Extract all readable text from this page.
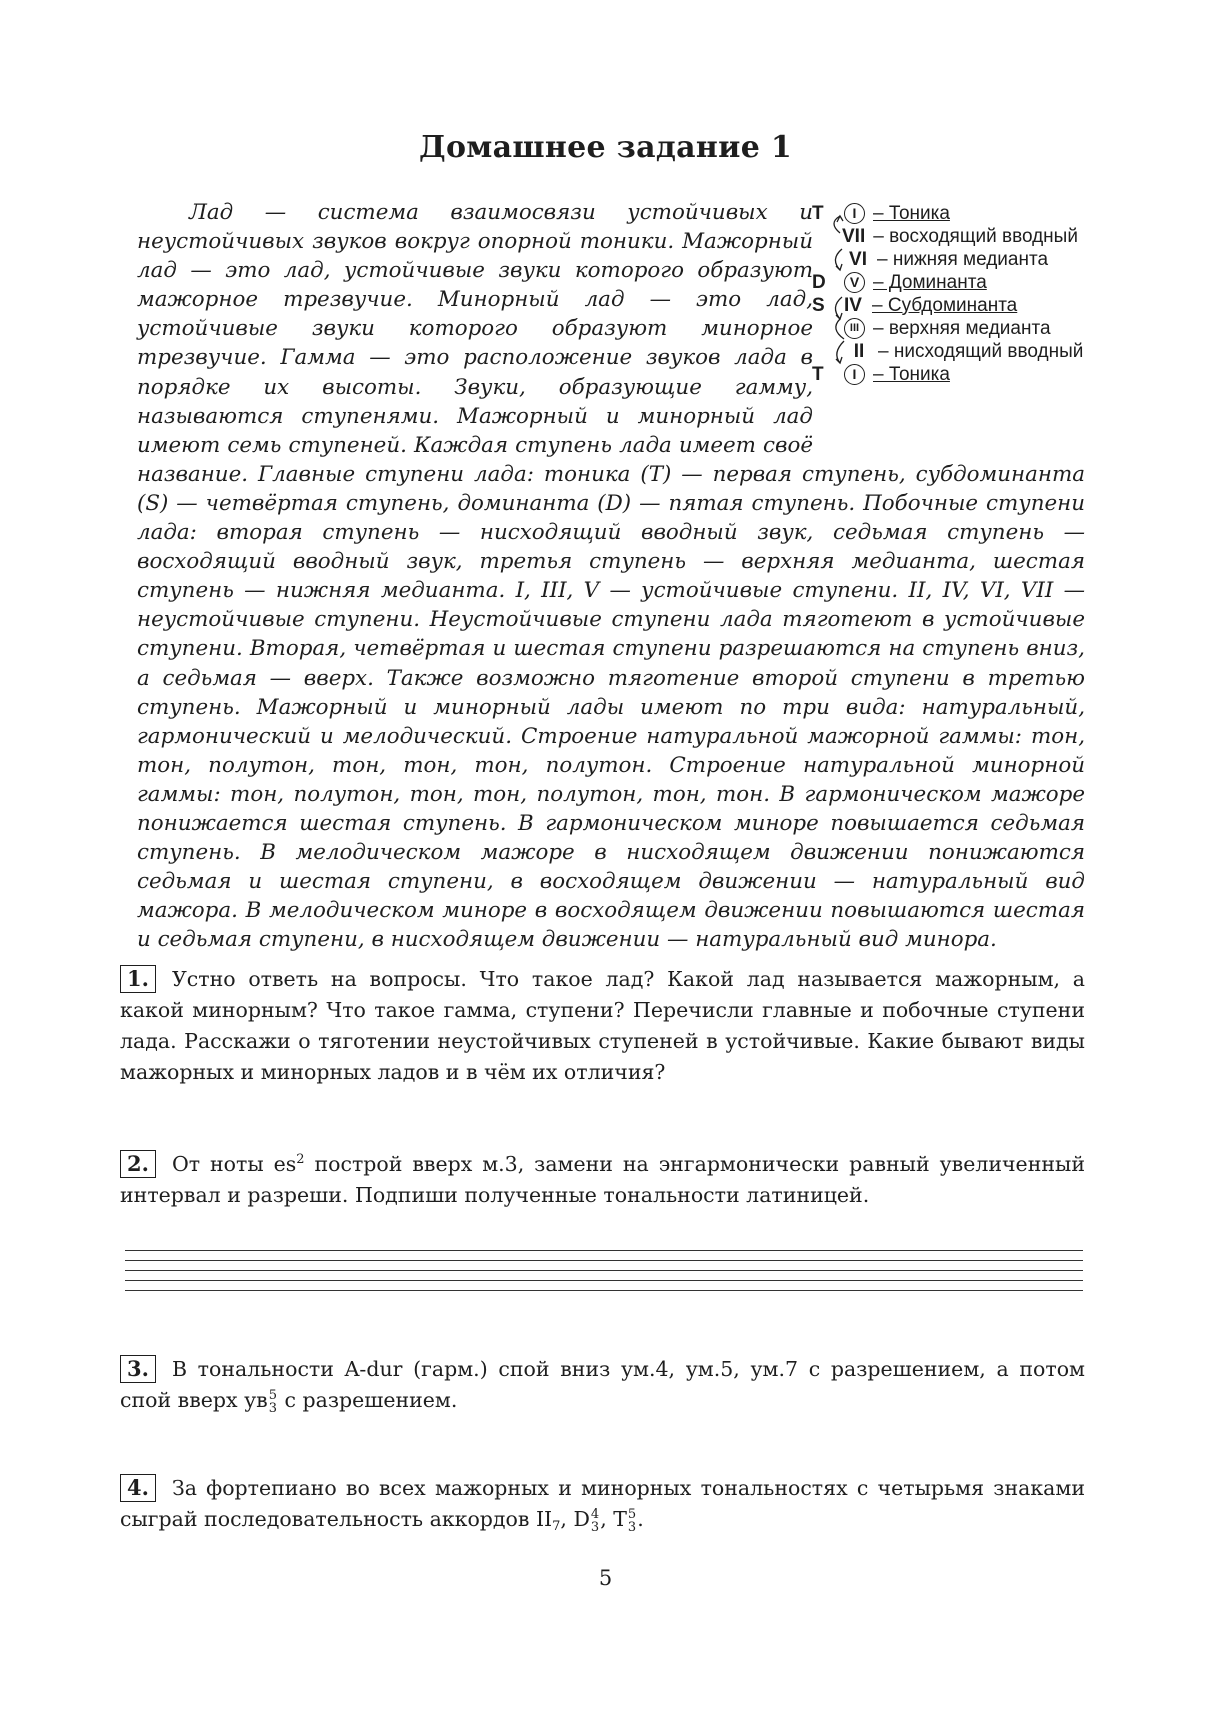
Домашнее задание 1

Лад — система взаимосвязи устойчивых и неустойчивых звуков вокруг опорной тоники. Мажорный лад — это лад, устойчивые звуки которого образуют мажорное трезвучие. Минорный лад — это лад, устойчивые звуки которого образуют минорное трезвучие. Гамма — это расположение звуков лада в порядке их высоты. Звуки, образующие гамму, называются ступенями. Мажорный и минорный лад имеют семь ступеней. Каждая ступень лада имеет своё название. Главные ступени лада: тоника (T) — первая ступень, субдоминанта (S) — четвёртая ступень, доминанта (D) — пятая ступень. Побочные ступени лада: вторая ступень — нисходящий вводный звук, седьмая ступень — восходящий вводный звук, третья ступень — верхняя медианта, шестая ступень — нижняя медианта. I, III, V — устойчивые ступени. II, IV, VI, VII — неустойчивые ступени. Неустойчивые ступени лада тяготеют в устойчивые ступени. Вторая, четвёртая и шестая ступени разрешаются на ступень вниз, а седьмая — вверх. Также возможно тяготение второй ступени в третью ступень. Мажорный и минорный лады имеют по три вида: натуральный, гармонический и мелодический. Строение натуральной мажорной гаммы: тон, тон, полутон, тон, тон, тон, полутон. Строение натуральной минорной гаммы: тон, полутон, тон, тон, полутон, тон, тон. В гармоническом мажоре понижается шестая ступень. В гармоническом миноре повышается седьмая ступень. В мелодическом мажоре в нисходящем движении понижаются седьмая и шестая ступени, в восходящем движении — натуральный вид мажора. В мелодическом миноре в восходящем движении повышаются шестая и седьмая ступени, в нисходящем движении — натуральный вид минора.

T	I – Тоника
VII – восходящий вводный
VI – нижняя медианта
D	V – Доминанта
S	IV – Субдоминанта
III – верхняя медианта
II – нисходящий вводный
T	I – Тоника

1. Устно ответь на вопросы. Что такое лад? Какой лад называется мажорным, а какой минорным? Что такое гамма, ступени? Перечисли главные и побочные ступени лада. Расскажи о тяготении неустойчивых ступеней в устойчивые. Какие бывают виды мажорных и минорных ладов и в чём их отличия?

2. От ноты $es^2$ построй вверх м.3, замени на энгармонически равный увеличенный интервал и разреши. Подпиши полученные тональности латиницей.

3. В тональности A-dur (гарм.) спой вниз ум.4, ум.5, ум.7 с разрешением, а потом спой вверх ув 5
3 с разрешением.

4. За фортепиано во всех мажорных и минорных тональностях с четырьмя знаками сыграй последовательность аккордов $II_7$, D 4
3 , T 5
3 .

5
